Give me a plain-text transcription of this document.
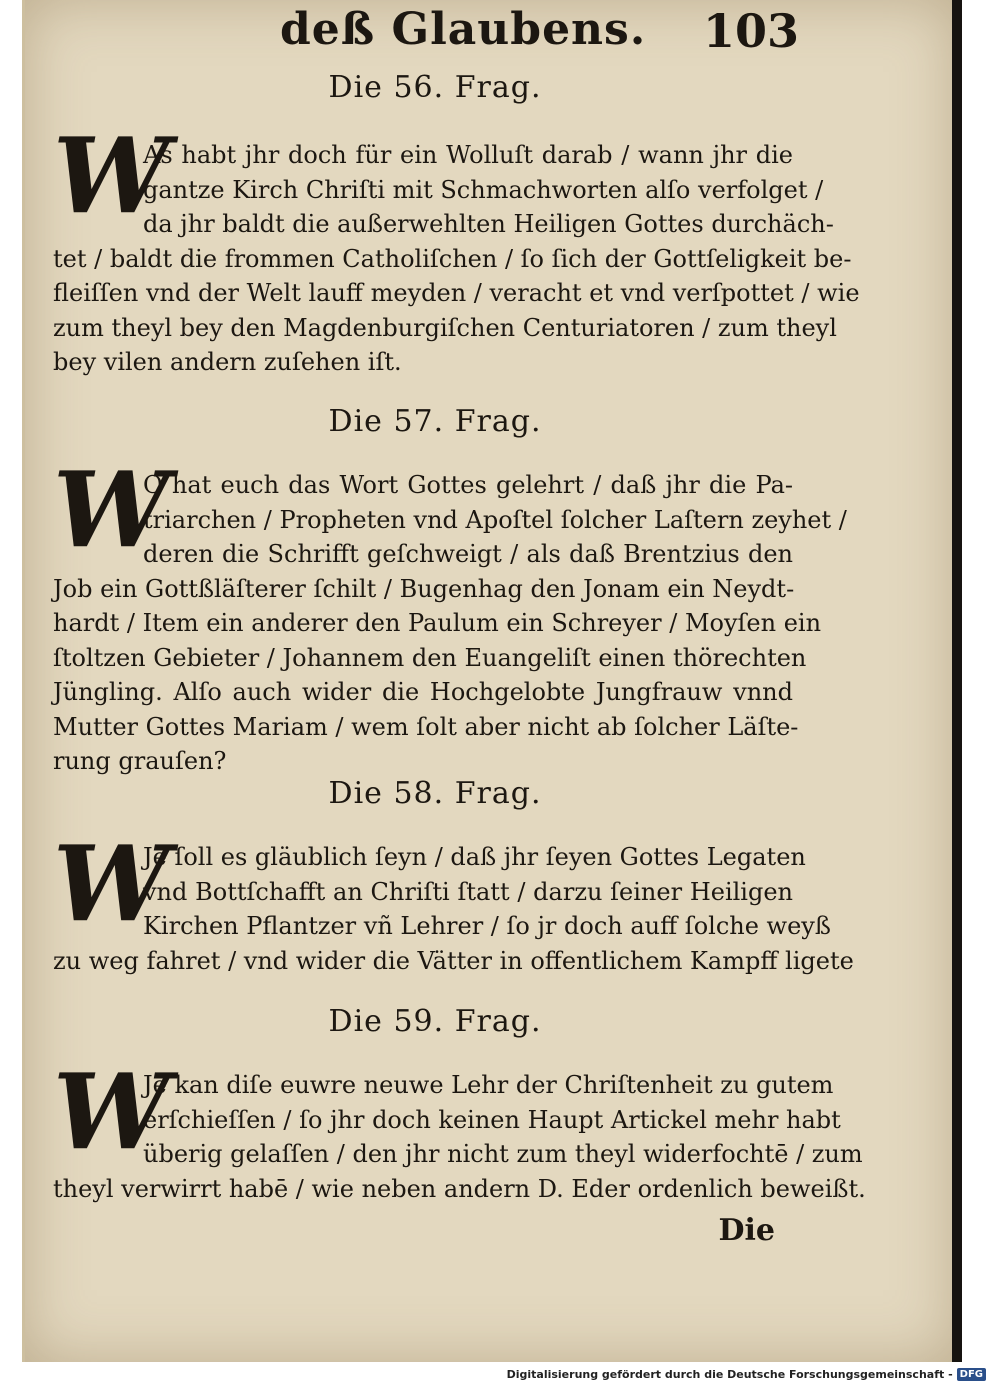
deß Glaubens. 103
Die 56. Frag.
W
As habt jhr doch für ein Wolluſt darab / wann jhr die
gantze Kirch Chriſti mit Schmachworten alſo verfolget /
da jhr baldt die außerwehlten Heiligen Gottes durchäch-
tet / baldt die frommen Catholiſchen / ſo ſich der Gottſeligkeit be-
fleiſſen vnd der Welt lauff meyden / veracht et vnd verſpottet / wie
zum theyl bey den Magdenburgiſchen Centuriatoren / zum theyl
bey vilen andern zuſehen iſt.
Die 57. Frag.
W
O hat euch das Wort Gottes gelehrt / daß jhr die Pa-
triarchen / Propheten vnd Apoſtel ſolcher Laſtern zeyhet /
deren die Schrifft geſchweigt / als daß Brentzius den
Job ein Gottßläſterer ſchilt / Bugenhag den Jonam ein Neydt-
hardt / Item ein anderer den Paulum ein Schreyer / Moyſen ein
ſtoltzen Gebieter / Johannem den Euangeliſt einen thörechten
Jüngling. Alſo auch wider die Hochgelobte Jungfrauw vnnd
Mutter Gottes Mariam / wem ſolt aber nicht ab ſolcher Läſte-
rung grauſen?
Die 58. Frag.
W
Je ſoll es gläublich ſeyn / daß jhr ſeyen Gottes Legaten
vnd Bottſchafft an Chriſti ſtatt / darzu ſeiner Heiligen
Kirchen Pflantzer vñ Lehrer / ſo jr doch auff ſolche weyß
zu weg fahret / vnd wider die Vätter in offentlichem Kampff ligete
Die 59. Frag.
W
Je kan diſe euwre neuwe Lehr der Chriſtenheit zu gutem
erſchieſſen / ſo jhr doch keinen Haupt Artickel mehr habt
überig gelaſſen / den jhr nicht zum theyl widerfochtē / zum
theyl verwirrt habē / wie neben andern D. Eder ordenlich beweißt.
Die
Digitalisierung gefördert durch die Deutsche Forschungsgemeinschaft - DFG
